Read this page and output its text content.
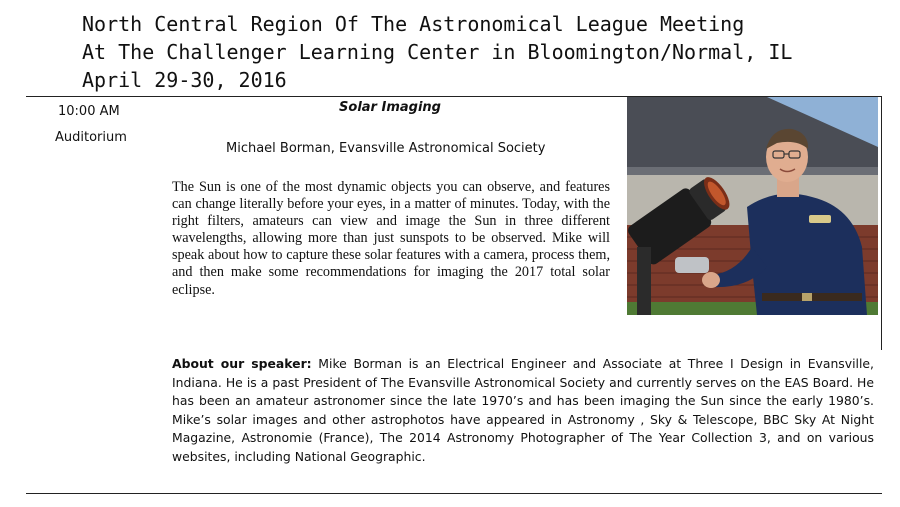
North Central Region Of The Astronomical League Meeting
At The Challenger Learning Center in Bloomington/Normal, IL
April 29-30, 2016
10:00 AM
Auditorium
Solar Imaging
Michael Borman, Evansville Astronomical Society

The Sun is one of the most dynamic objects you can observe, and features can change literally before your eyes, in a matter of minutes. Today, with the right filters, amateurs can view and image the Sun in three different wavelengths, allowing more than just sunspots to be observed. Mike will speak about how to capture these solar features with a camera, process them, and then make some recommendations for imaging the 2017 total solar eclipse.

About our speaker: Mike Borman is an Electrical Engineer and Associate at Three I Design in Evansville, Indiana. He is a past President of The Evansville Astronomical Society and currently serves on the EAS Board. He has been an amateur astronomer since the late 1970’s and has been imaging the Sun since the early 1980’s. Mike’s solar images and other astrophotos have appeared in Astronomy , Sky & Telescope, BBC Sky At Night Magazine, Astronomie (France), The 2014 Astronomy Photographer of The Year Collection 3, and on various websites, including National Geographic.
